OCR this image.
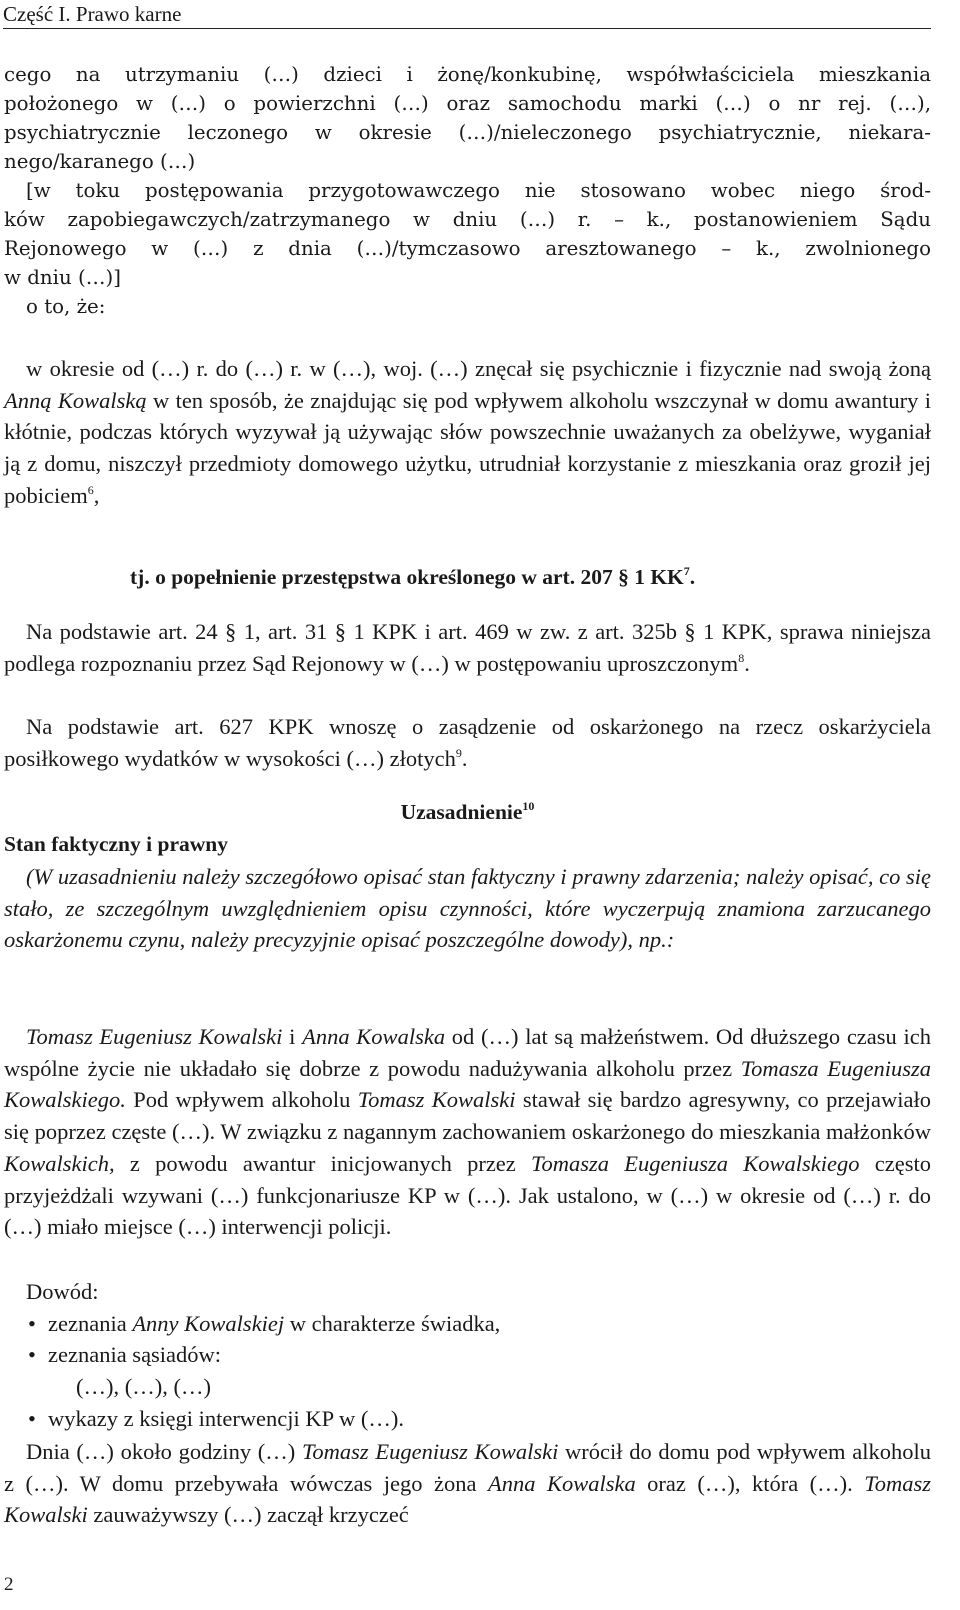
Część I. Prawo karne
cego na utrzymaniu (…) dzieci i żonę/konkubinę, współwłaściciela mieszkania
położonego w (…) o powierzchni (…) oraz samochodu marki (…) o nr rej. (…),
psychiatrycznie leczonego w okresie (…)/nieleczonego psychiatrycznie, niekara-
nego/karanego (…)
[w toku postępowania przygotowawczego nie stosowano wobec niego środ-
ków zapobiegawczych/zatrzymanego w dniu (…) r. – k., postanowieniem Sądu
Rejonowego w (…) z dnia (…)/tymczasowo aresztowanego – k., zwolnionego
w dniu (…)]
o to, że:
w okresie od (…) r. do (…) r. w (…), woj. (…) znęcał się psychicznie i fizycznie nad swoją żoną Anną Kowalską w ten sposób, że znajdując się pod wpływem alkoholu wszczynał w domu awantury i kłótnie, podczas których wyzywał ją używając słów powszechnie uważanych za obelżywe, wyganiał ją z domu, niszczył przedmioty domowego użytku, utrudniał korzystanie z mieszkania oraz groził jej pobiciem$^6$,
tj. o popełnienie przestępstwa określonego w art. 207 § 1 $KK^7$.
Na podstawie art. 24 § 1, art. 31 § 1 KPK i art. 469 w zw. z art. 325b § 1 KPK, sprawa niniejsza podlega rozpoznaniu przez Sąd Rejonowy w (…) w postępowaniu uproszczonym$^8$.
Na podstawie art. 627 KPK wnoszę o zasądzenie od oskarżonego na rzecz oskarżyciela posiłkowego wydatków w wysokości (…) złotych$^9$.
Uzasadnienie$^{10}$
Stan faktyczny i prawny
(W uzasadnieniu należy szczegółowo opisać stan faktyczny i prawny zdarzenia; należy opisać, co się stało, ze szczególnym uwzględnieniem opisu czynności, które wyczerpują znamiona zarzucanego oskarżonemu czynu, należy precyzyjnie opisać poszczególne dowody), np.:
Tomasz Eugeniusz Kowalski i Anna Kowalska od (…) lat są małżeństwem. Od dłuższego czasu ich wspólne życie nie układało się dobrze z powodu nadużywania alkoholu przez Tomasza Eugeniusza Kowalskiego. Pod wpływem alkoholu Tomasz Kowalski stawał się bardzo agresywny, co przejawiało się poprzez częste (…). W związku z nagannym zachowaniem oskarżonego do mieszkania małżonków Kowalskich, z powodu awantur inicjowanych przez Tomasza Eugeniusza Kowalskiego często przyjeżdżali wzywani (…) funkcjonariusze KP w (…). Jak ustalono, w (…) w okresie od (…) r. do (…) miało miejsce (…) interwencji policji.
Dowód:
• zeznania Anny Kowalskiej w charakterze świadka,
• zeznania sąsiadów:
(…), (…), (…)
• wykazy z księgi interwencji KP w (…).
Dnia (…) około godziny (…) Tomasz Eugeniusz Kowalski wrócił do domu pod wpływem alkoholu z (…). W domu przebywała wówczas jego żona Anna Kowalska oraz (…), która (…). Tomasz Kowalski zauważywszy (…) zaczął krzyczeć
2
